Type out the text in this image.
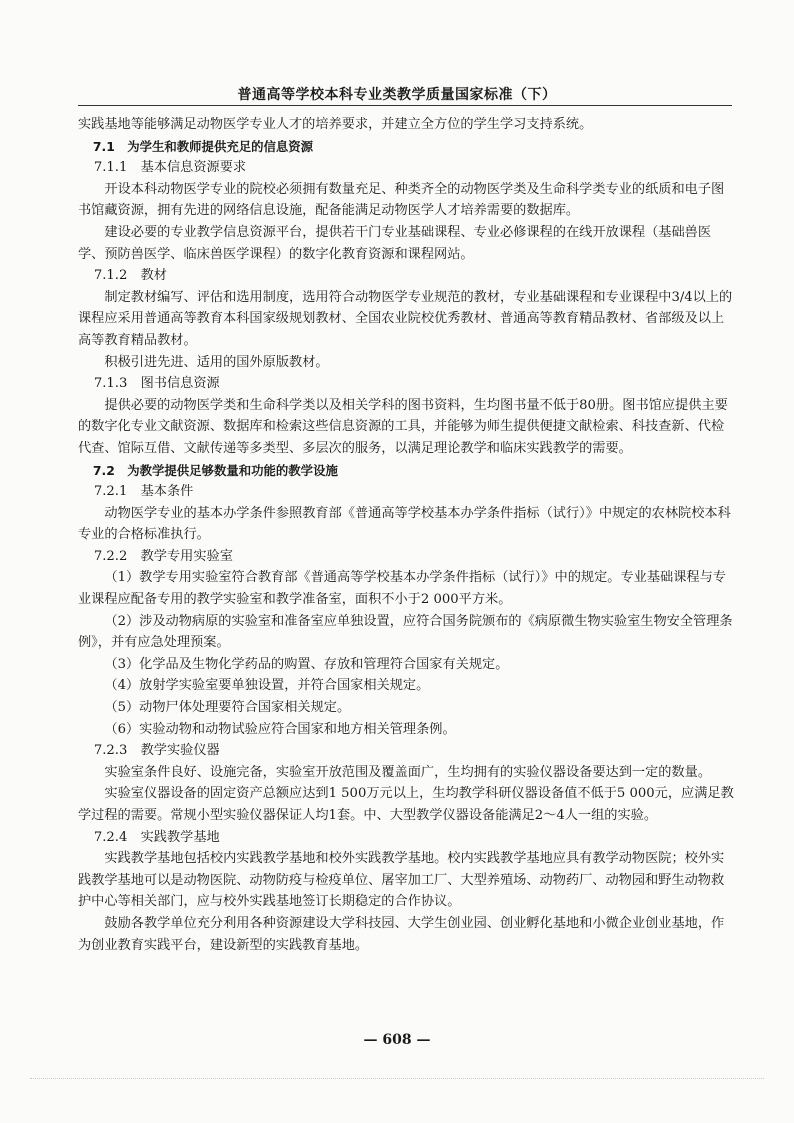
普通高等学校本科专业类教学质量国家标准（下）

实践基地等能够满足动物医学专业人才的培养要求，并建立全方位的学生学习支持系统。

7.1 为学生和教师提供充足的信息资源

7.1.1 基本信息资源要求

开设本科动物医学专业的院校必须拥有数量充足、种类齐全的动物医学类及生命科学类专业的纸质和电子图书馆藏资源，拥有先进的网络信息设施，配备能满足动物医学人才培养需要的数据库。

建设必要的专业教学信息资源平台，提供若干门专业基础课程、专业必修课程的在线开放课程（基础兽医学、预防兽医学、临床兽医学课程）的数字化教育资源和课程网站。

7.1.2 教材

制定教材编写、评估和选用制度，选用符合动物医学专业规范的教材，专业基础课程和专业课程中3/4以上的课程应采用普通高等教育本科国家级规划教材、全国农业院校优秀教材、普通高等教育精品教材、省部级及以上高等教育精品教材。

积极引进先进、适用的国外原版教材。

7.1.3 图书信息资源

提供必要的动物医学类和生命科学类以及相关学科的图书资料，生均图书量不低于80册。图书馆应提供主要的数字化专业文献资源、数据库和检索这些信息资源的工具，并能够为师生提供便捷文献检索、科技查新、代检代查、馆际互借、文献传递等多类型、多层次的服务，以满足理论教学和临床实践教学的需要。

7.2 为教学提供足够数量和功能的教学设施

7.2.1 基本条件

动物医学专业的基本办学条件参照教育部《普通高等学校基本办学条件指标（试行）》中规定的农林院校本科专业的合格标准执行。

7.2.2 教学专用实验室

（1）教学专用实验室符合教育部《普通高等学校基本办学条件指标（试行）》中的规定。专业基础课程与专业课程应配备专用的教学实验室和教学准备室，面积不小于2 000平方米。

（2）涉及动物病原的实验室和准备室应单独设置，应符合国务院颁布的《病原微生物实验室生物安全管理条例》，并有应急处理预案。

（3）化学品及生物化学药品的购置、存放和管理符合国家有关规定。

（4）放射学实验室要单独设置，并符合国家相关规定。

（5）动物尸体处理要符合国家相关规定。

（6）实验动物和动物试验应符合国家和地方相关管理条例。

7.2.3 教学实验仪器

实验室条件良好、设施完备，实验室开放范围及覆盖面广，生均拥有的实验仪器设备要达到一定的数量。

实验室仪器设备的固定资产总额应达到1 500万元以上，生均教学科研仪器设备值不低于5 000元，应满足教学过程的需要。常规小型实验仪器保证人均1套。中、大型教学仪器设备能满足2～4人一组的实验。

7.2.4 实践教学基地

实践教学基地包括校内实践教学基地和校外实践教学基地。校内实践教学基地应具有教学动物医院；校外实践教学基地可以是动物医院、动物防疫与检疫单位、屠宰加工厂、大型养殖场、动物药厂、动物园和野生动物救护中心等相关部门，应与校外实践基地签订长期稳定的合作协议。

鼓励各教学单位充分利用各种资源建设大学科技园、大学生创业园、创业孵化基地和小微企业创业基地，作为创业教育实践平台，建设新型的实践教育基地。

— 608 —
